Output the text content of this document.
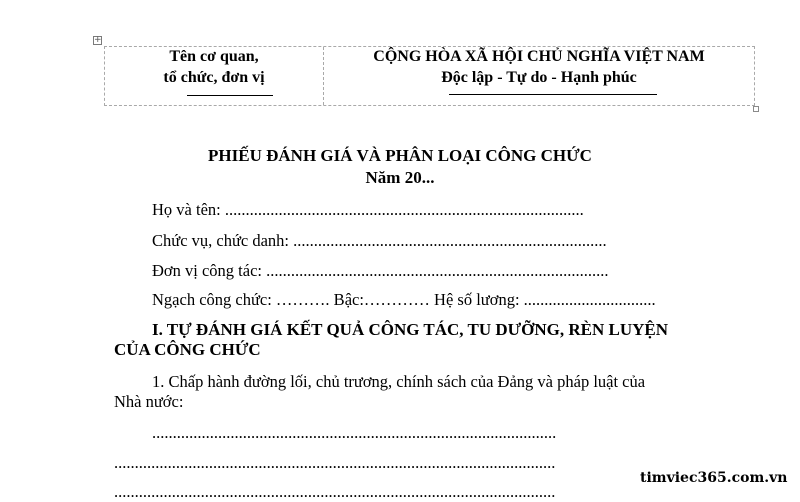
+
Tên cơ quan,
tổ chức, đơn vị
CỘNG HÒA XÃ HỘI CHỦ NGHĨA VIỆT NAM
Độc lập - Tự do - Hạnh phúc
PHIẾU ĐÁNH GIÁ VÀ PHÂN LOẠI CÔNG CHỨC
Năm 20...
Họ và tên: .......................................................................................
Chức vụ, chức danh: ............................................................................
Đơn vị công tác: ...................................................................................
Ngạch công chức: ………. Bậc:………… Hệ số lương: ................................
I. TỰ ĐÁNH GIÁ KẾT QUẢ CÔNG TÁC, TU DƯỠNG, RÈN LUYỆN
CỦA CÔNG CHỨC
1. Chấp hành đường lối, chủ trương, chính sách của Đảng và pháp luật của
Nhà nước:
..................................................................................................
...........................................................................................................
...........................................................................................................
timviec365.com.vn
